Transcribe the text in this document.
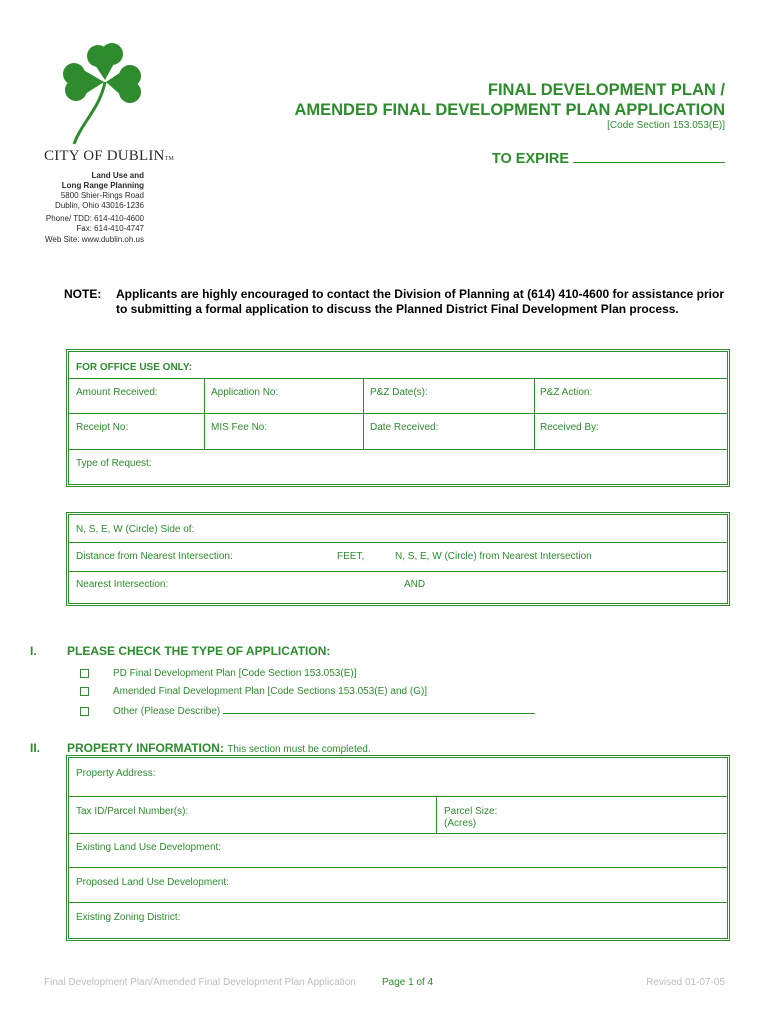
CITY OF DUBLINTM
Land Use and
Long Range Planning
5800 Shier-Rings Road
Dublin, Ohio 43016-1236
Phone/ TDD: 614-410-4600
Fax: 614-410-4747
Web Site: www.dublin.oh.us
FINAL DEVELOPMENT PLAN /
AMENDED FINAL DEVELOPMENT PLAN APPLICATION
[Code Section 153.053(E)]
TO EXPIRE
NOTE: Applicants are highly encouraged to contact the Division of Planning at (614) 410-4600 for assistance prior to submitting a formal application to discuss the Planned District Final Development Plan process.
FOR OFFICE USE ONLY:
Amount Received:	Application No:	P&Z Date(s):	P&Z Action:
Receipt No:	MIS Fee No:	Date Received:	Received By:
Type of Request:
N, S, E, W (Circle) Side of:
Distance from Nearest Intersection:	FEET,	N, S, E, W (Circle) from Nearest Intersection
Nearest Intersection:	AND
I.	PLEASE CHECK THE TYPE OF APPLICATION:
PD Final Development Plan [Code Section 153.053(E)]
Amended Final Development Plan [Code Sections 153.053(E) and (G)]
Other (Please Describe)
II. PROPERTY INFORMATION: This section must be completed.
Property Address:
Tax ID/Parcel Number(s):	Parcel Size:
(Acres)
Existing Land Use Development:
Proposed Land Use Development:
Existing Zoning District:
Final Development Plan/Amended Final Development Plan Application	Page 1 of 4	Revised 01-07-05
